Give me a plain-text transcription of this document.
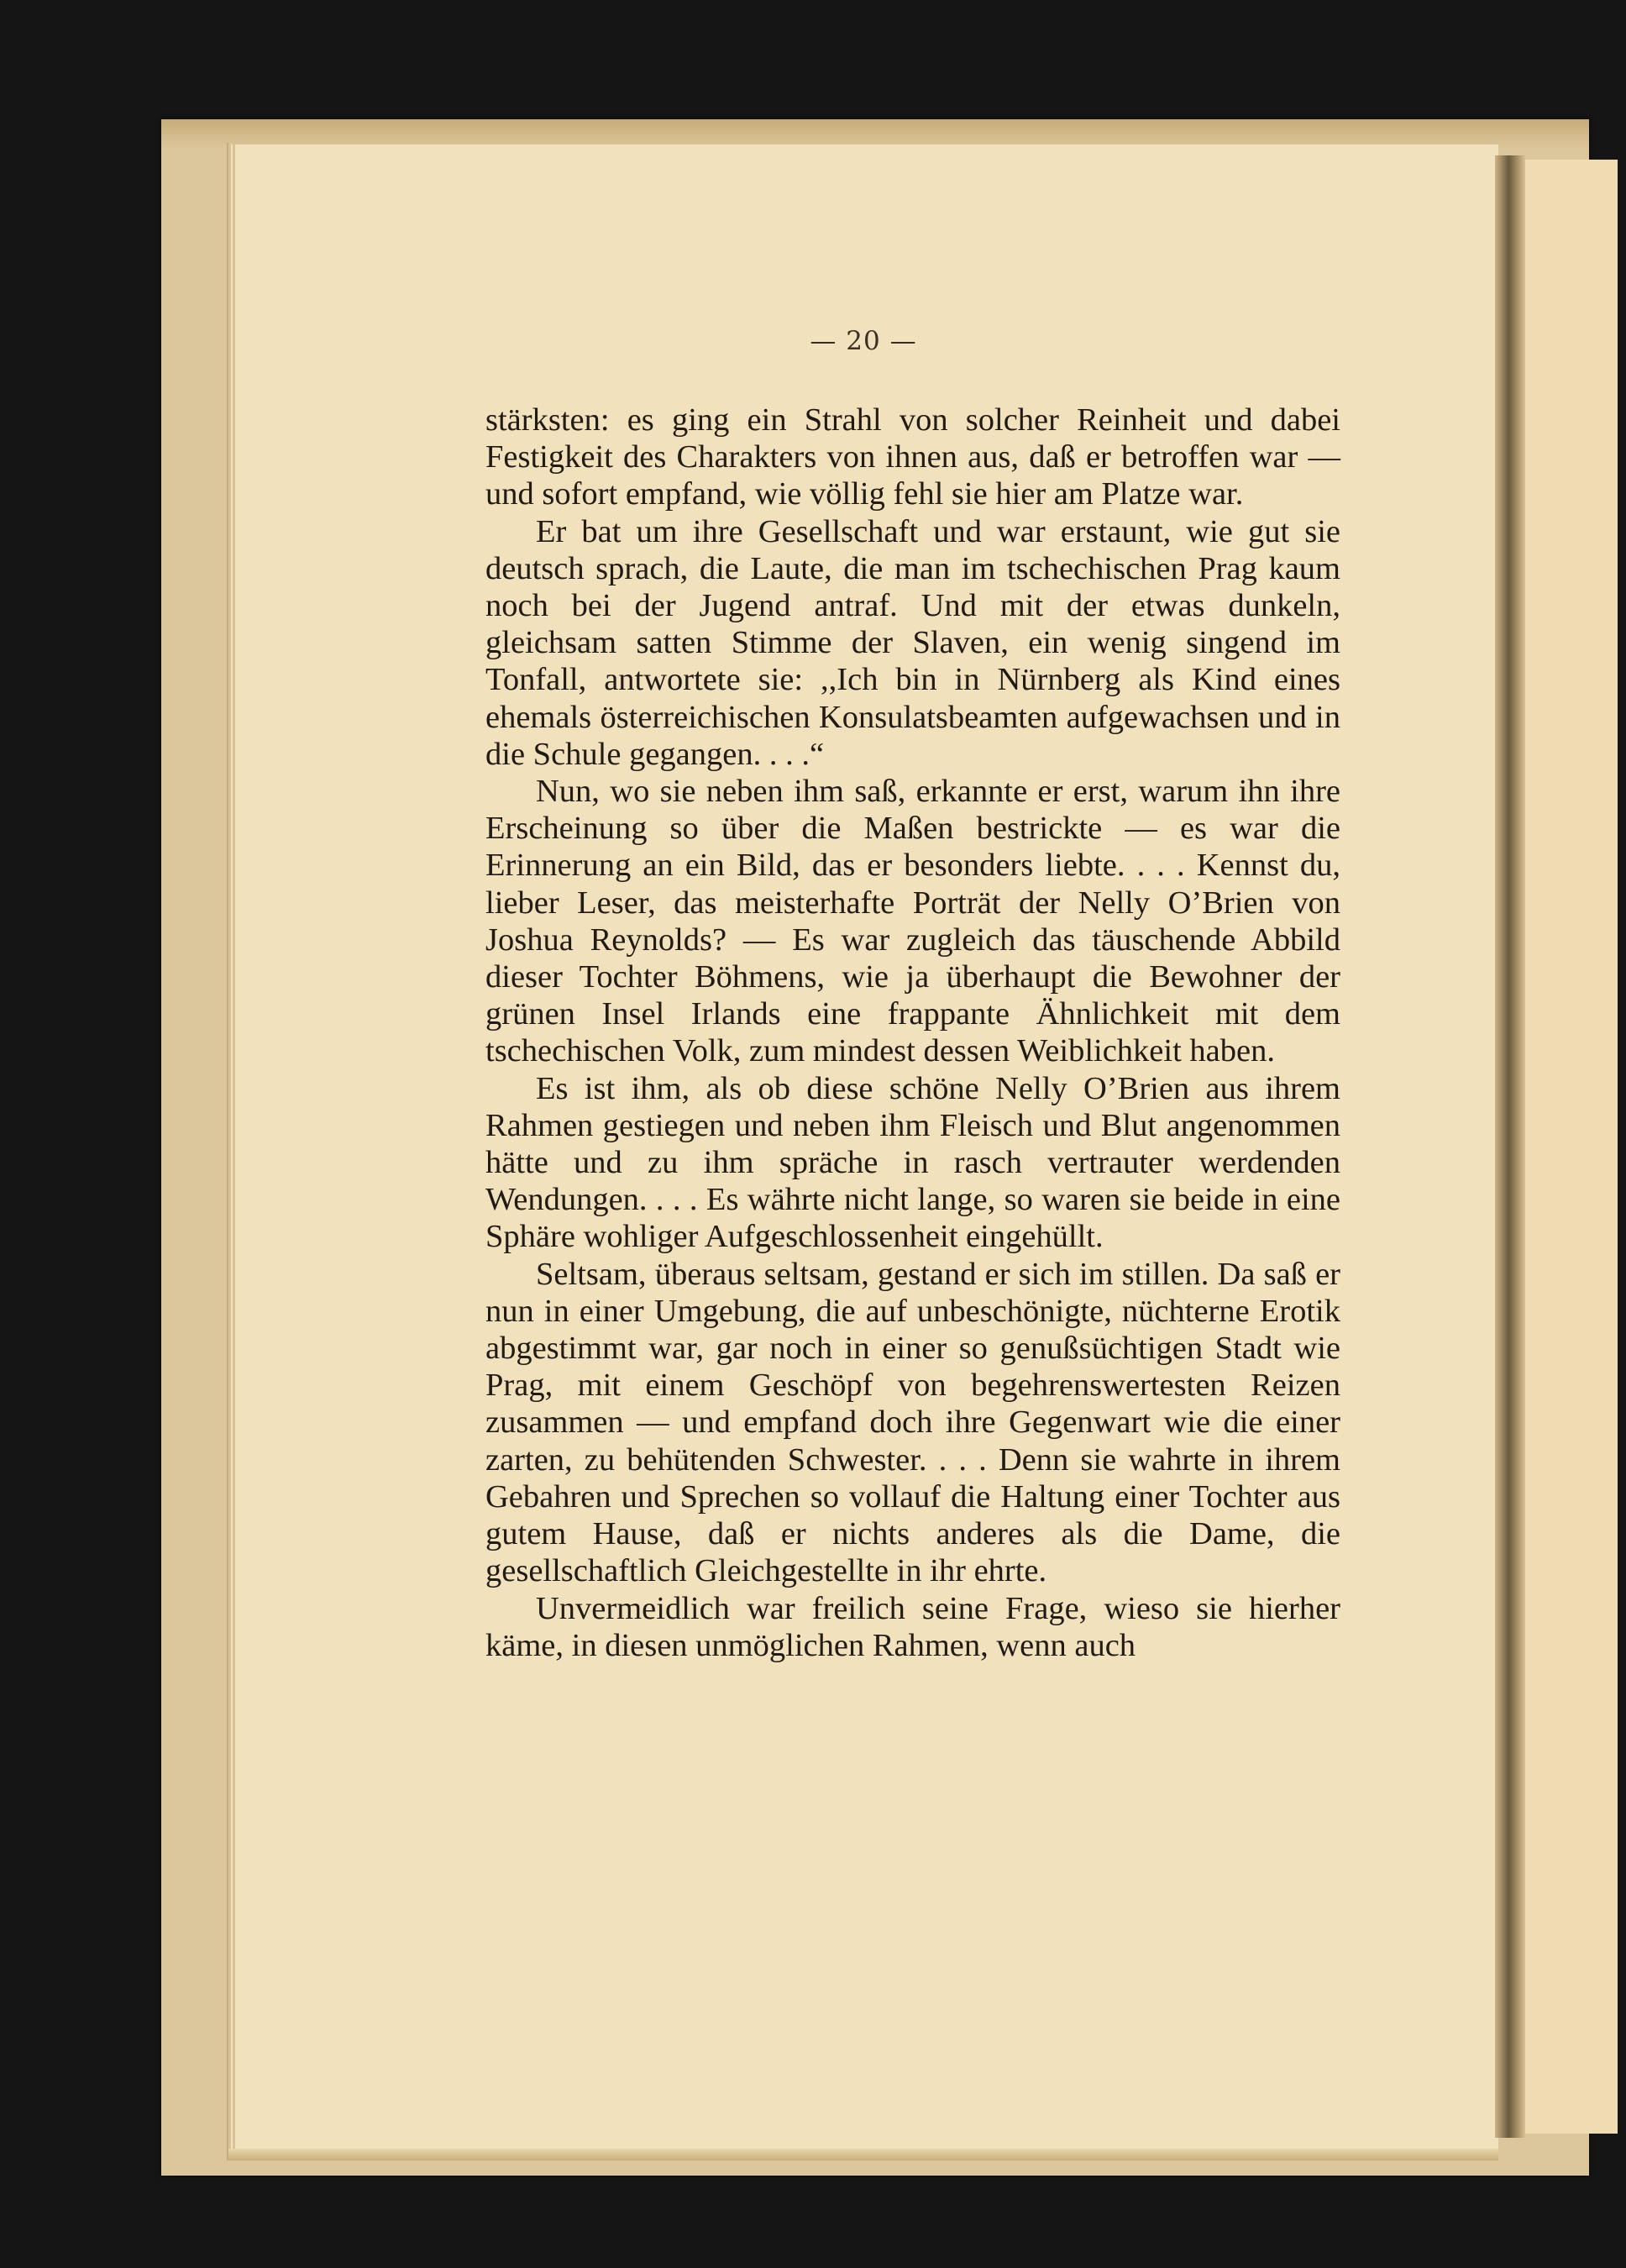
— 20 —

stärksten: es ging ein Strahl von solcher Reinheit und dabei Festigkeit des Charakters von ihnen aus, daß er betroffen war — und sofort empfand, wie völlig fehl sie hier am Platze war.

Er bat um ihre Gesellschaft und war erstaunt, wie gut sie deutsch sprach, die Laute, die man im tschechischen Prag kaum noch bei der Jugend antraf. Und mit der etwas dunkeln, gleichsam satten Stimme der Slaven, ein wenig singend im Tonfall, antwortete sie: ,,Ich bin in Nürnberg als Kind eines ehemals österreichischen Konsulatsbeamten aufgewachsen und in die Schule gegangen. . . .“

Nun, wo sie neben ihm saß, erkannte er erst, warum ihn ihre Erscheinung so über die Maßen bestrickte — es war die Erinnerung an ein Bild, das er besonders liebte. . . . Kennst du, lieber Leser, das meisterhafte Porträt der Nelly O’Brien von Joshua Reynolds? — Es war zugleich das täuschende Abbild dieser Tochter Böhmens, wie ja überhaupt die Bewohner der grünen Insel Irlands eine frappante Ähnlichkeit mit dem tschechischen Volk, zum mindest dessen Weiblichkeit haben.

Es ist ihm, als ob diese schöne Nelly O’Brien aus ihrem Rahmen gestiegen und neben ihm Fleisch und Blut angenommen hätte und zu ihm spräche in rasch vertrauter werdenden Wendungen. . . . Es währte nicht lange, so waren sie beide in eine Sphäre wohliger Aufgeschlossenheit eingehüllt.

Seltsam, überaus seltsam, gestand er sich im stillen. Da saß er nun in einer Umgebung, die auf unbeschönigte, nüchterne Erotik abgestimmt war, gar noch in einer so genußsüchtigen Stadt wie Prag, mit einem Geschöpf von begehrenswertesten Reizen zusammen — und empfand doch ihre Gegenwart wie die einer zarten, zu behütenden Schwester. . . . Denn sie wahrte in ihrem Gebahren und Sprechen so vollauf die Haltung einer Tochter aus gutem Hause, daß er nichts anderes als die Dame, die gesellschaftlich Gleichgestellte in ihr ehrte.

Unvermeidlich war freilich seine Frage, wieso sie hierher käme, in diesen unmöglichen Rahmen, wenn auch
